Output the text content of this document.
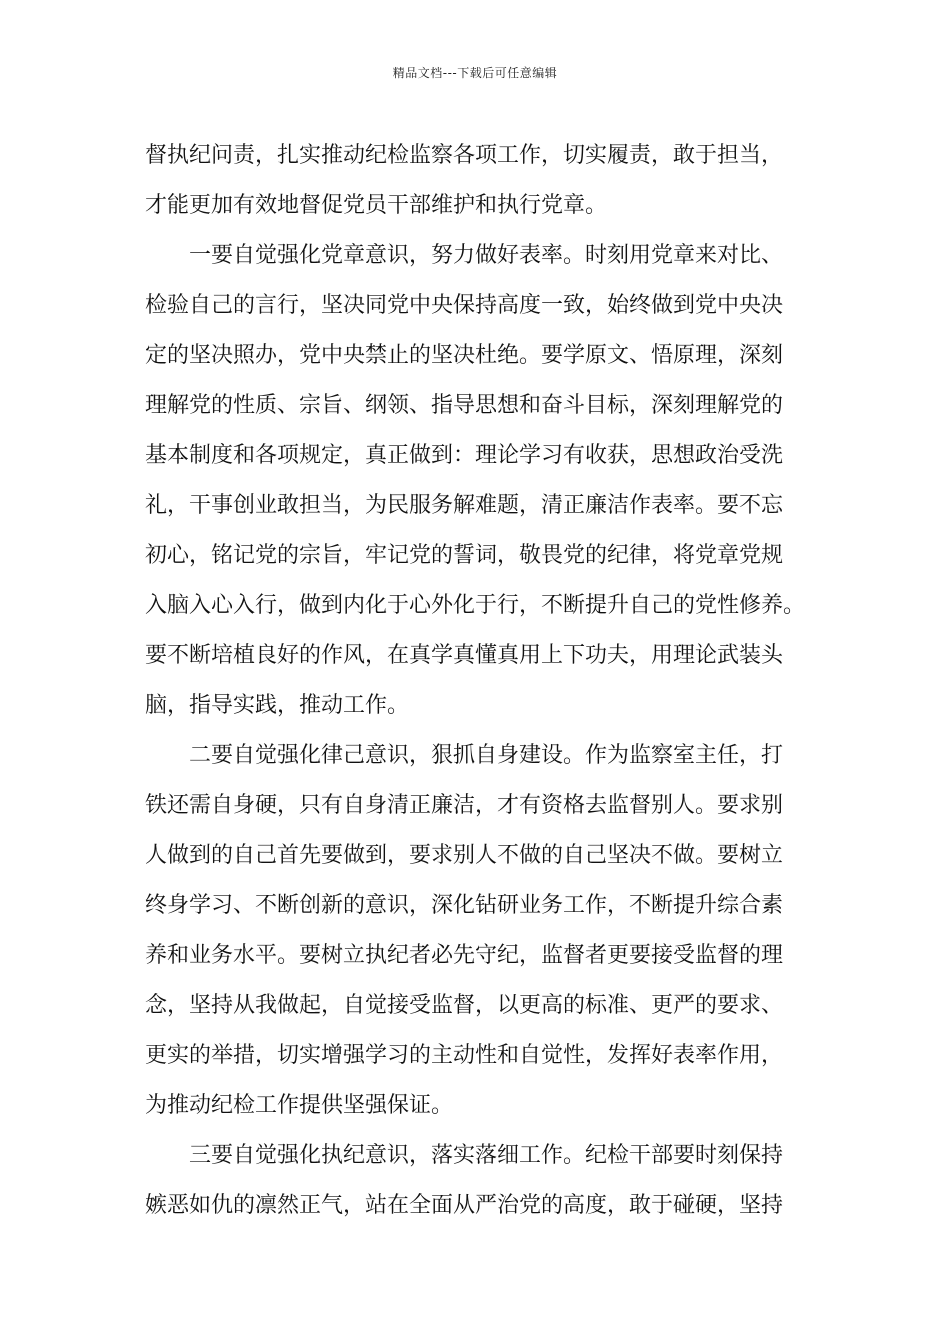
精品文档---下载后可任意编辑
督执纪问责，扎实推动纪检监察各项工作，切实履责，敢于担当，
才能更加有效地督促党员干部维护和执行党章。
一要自觉强化党章意识，努力做好表率。时刻用党章来对比、
检验自己的言行，坚决同党中央保持高度一致，始终做到党中央决
定的坚决照办，党中央禁止的坚决杜绝。要学原文、悟原理，深刻
理解党的性质、宗旨、纲领、指导思想和奋斗目标，深刻理解党的
基本制度和各项规定，真正做到：理论学习有收获，思想政治受洗
礼，干事创业敢担当，为民服务解难题，清正廉洁作表率。要不忘
初心，铭记党的宗旨，牢记党的誓词，敬畏党的纪律，将党章党规
入脑入心入行，做到内化于心外化于行，不断提升自己的党性修养。
要不断培植良好的作风，在真学真懂真用上下功夫，用理论武装头
脑，指导实践，推动工作。
二要自觉强化律己意识，狠抓自身建设。作为监察室主任，打
铁还需自身硬，只有自身清正廉洁，才有资格去监督别人。要求别
人做到的自己首先要做到，要求别人不做的自己坚决不做。要树立
终身学习、不断创新的意识，深化钻研业务工作，不断提升综合素
养和业务水平。要树立执纪者必先守纪，监督者更要接受监督的理
念，坚持从我做起，自觉接受监督，以更高的标准、更严的要求、
更实的举措，切实增强学习的主动性和自觉性，发挥好表率作用，
为推动纪检工作提供坚强保证。
三要自觉强化执纪意识，落实落细工作。纪检干部要时刻保持
嫉恶如仇的凛然正气，站在全面从严治党的高度，敢于碰硬，坚持
